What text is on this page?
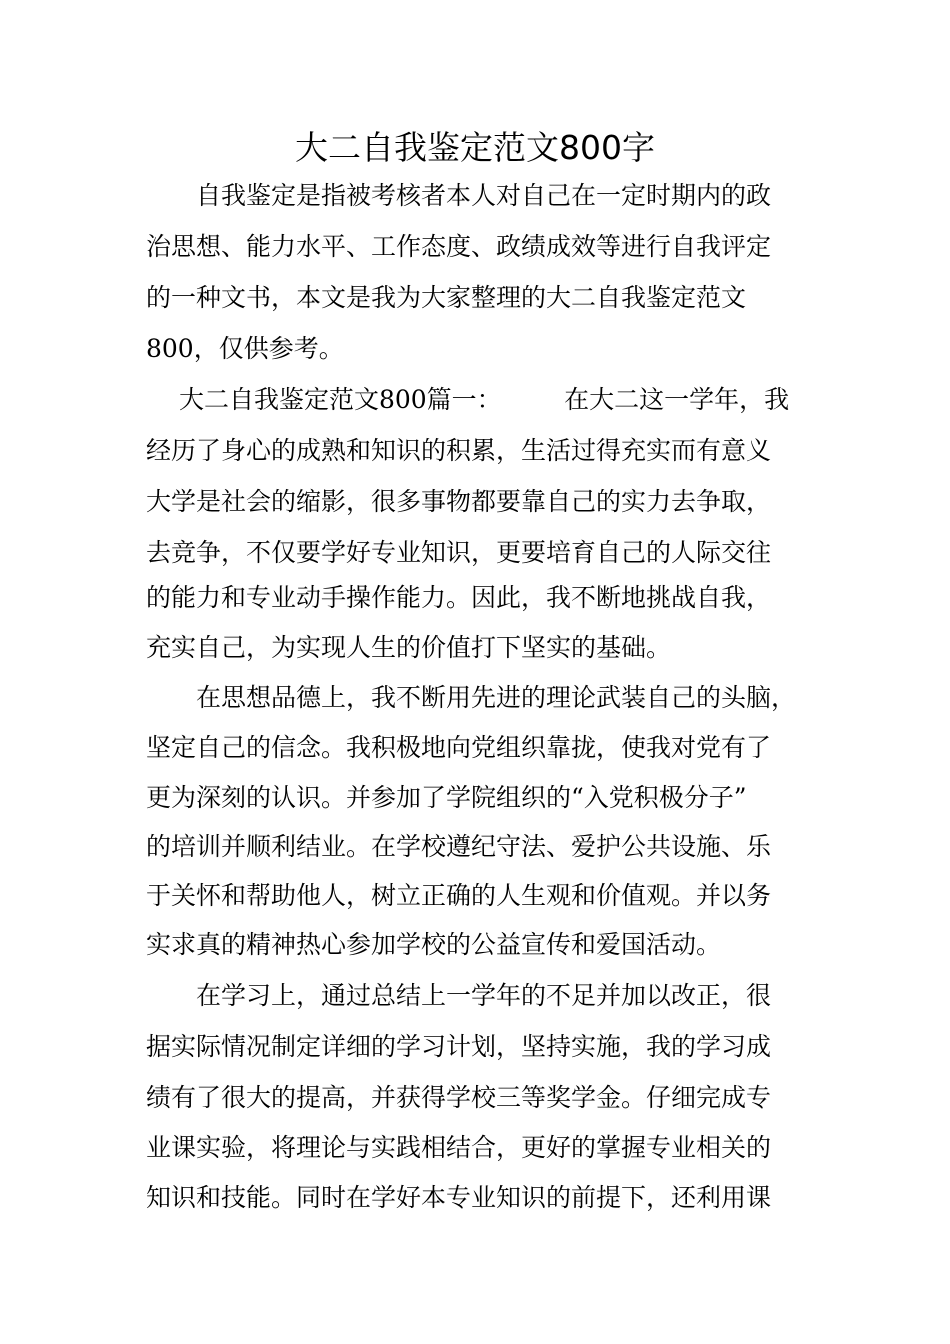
大二自我鉴定范文800字
　　自我鉴定是指被考核者本人对自己在一定时期内的政
治思想、能力水平、工作态度、政绩成效等进行自我评定
的一种文书，本文是我为大家整理的大二自我鉴定范文
800，仅供参考。
　 大二自我鉴定范文800篇一：　　　在大二这一学年，我
经历了身心的成熟和知识的积累，生活过得充实而有意义
大学是社会的缩影，很多事物都要靠自己的实力去争取，
去竞争，不仅要学好专业知识，更要培育自己的人际交往
的能力和专业动手操作能力。因此，我不断地挑战自我，
充实自己，为实现人生的价值打下坚实的基础。
　　在思想品德上，我不断用先进的理论武装自己的头脑，
坚定自己的信念。我积极地向党组织靠拢，使我对党有了
更为深刻的认识。并参加了学院组织的“入党积极分子”
的培训并顺利结业。在学校遵纪守法、爱护公共设施、乐
于关怀和帮助他人，树立正确的人生观和价值观。并以务
实求真的精神热心参加学校的公益宣传和爱国活动。
　　在学习上，通过总结上一学年的不足并加以改正，很
据实际情况制定详细的学习计划，坚持实施，我的学习成
绩有了很大的提高，并获得学校三等奖学金。仔细完成专
业课实验，将理论与实践相结合，更好的掌握专业相关的
知识和技能。同时在学好本专业知识的前提下，还利用课
